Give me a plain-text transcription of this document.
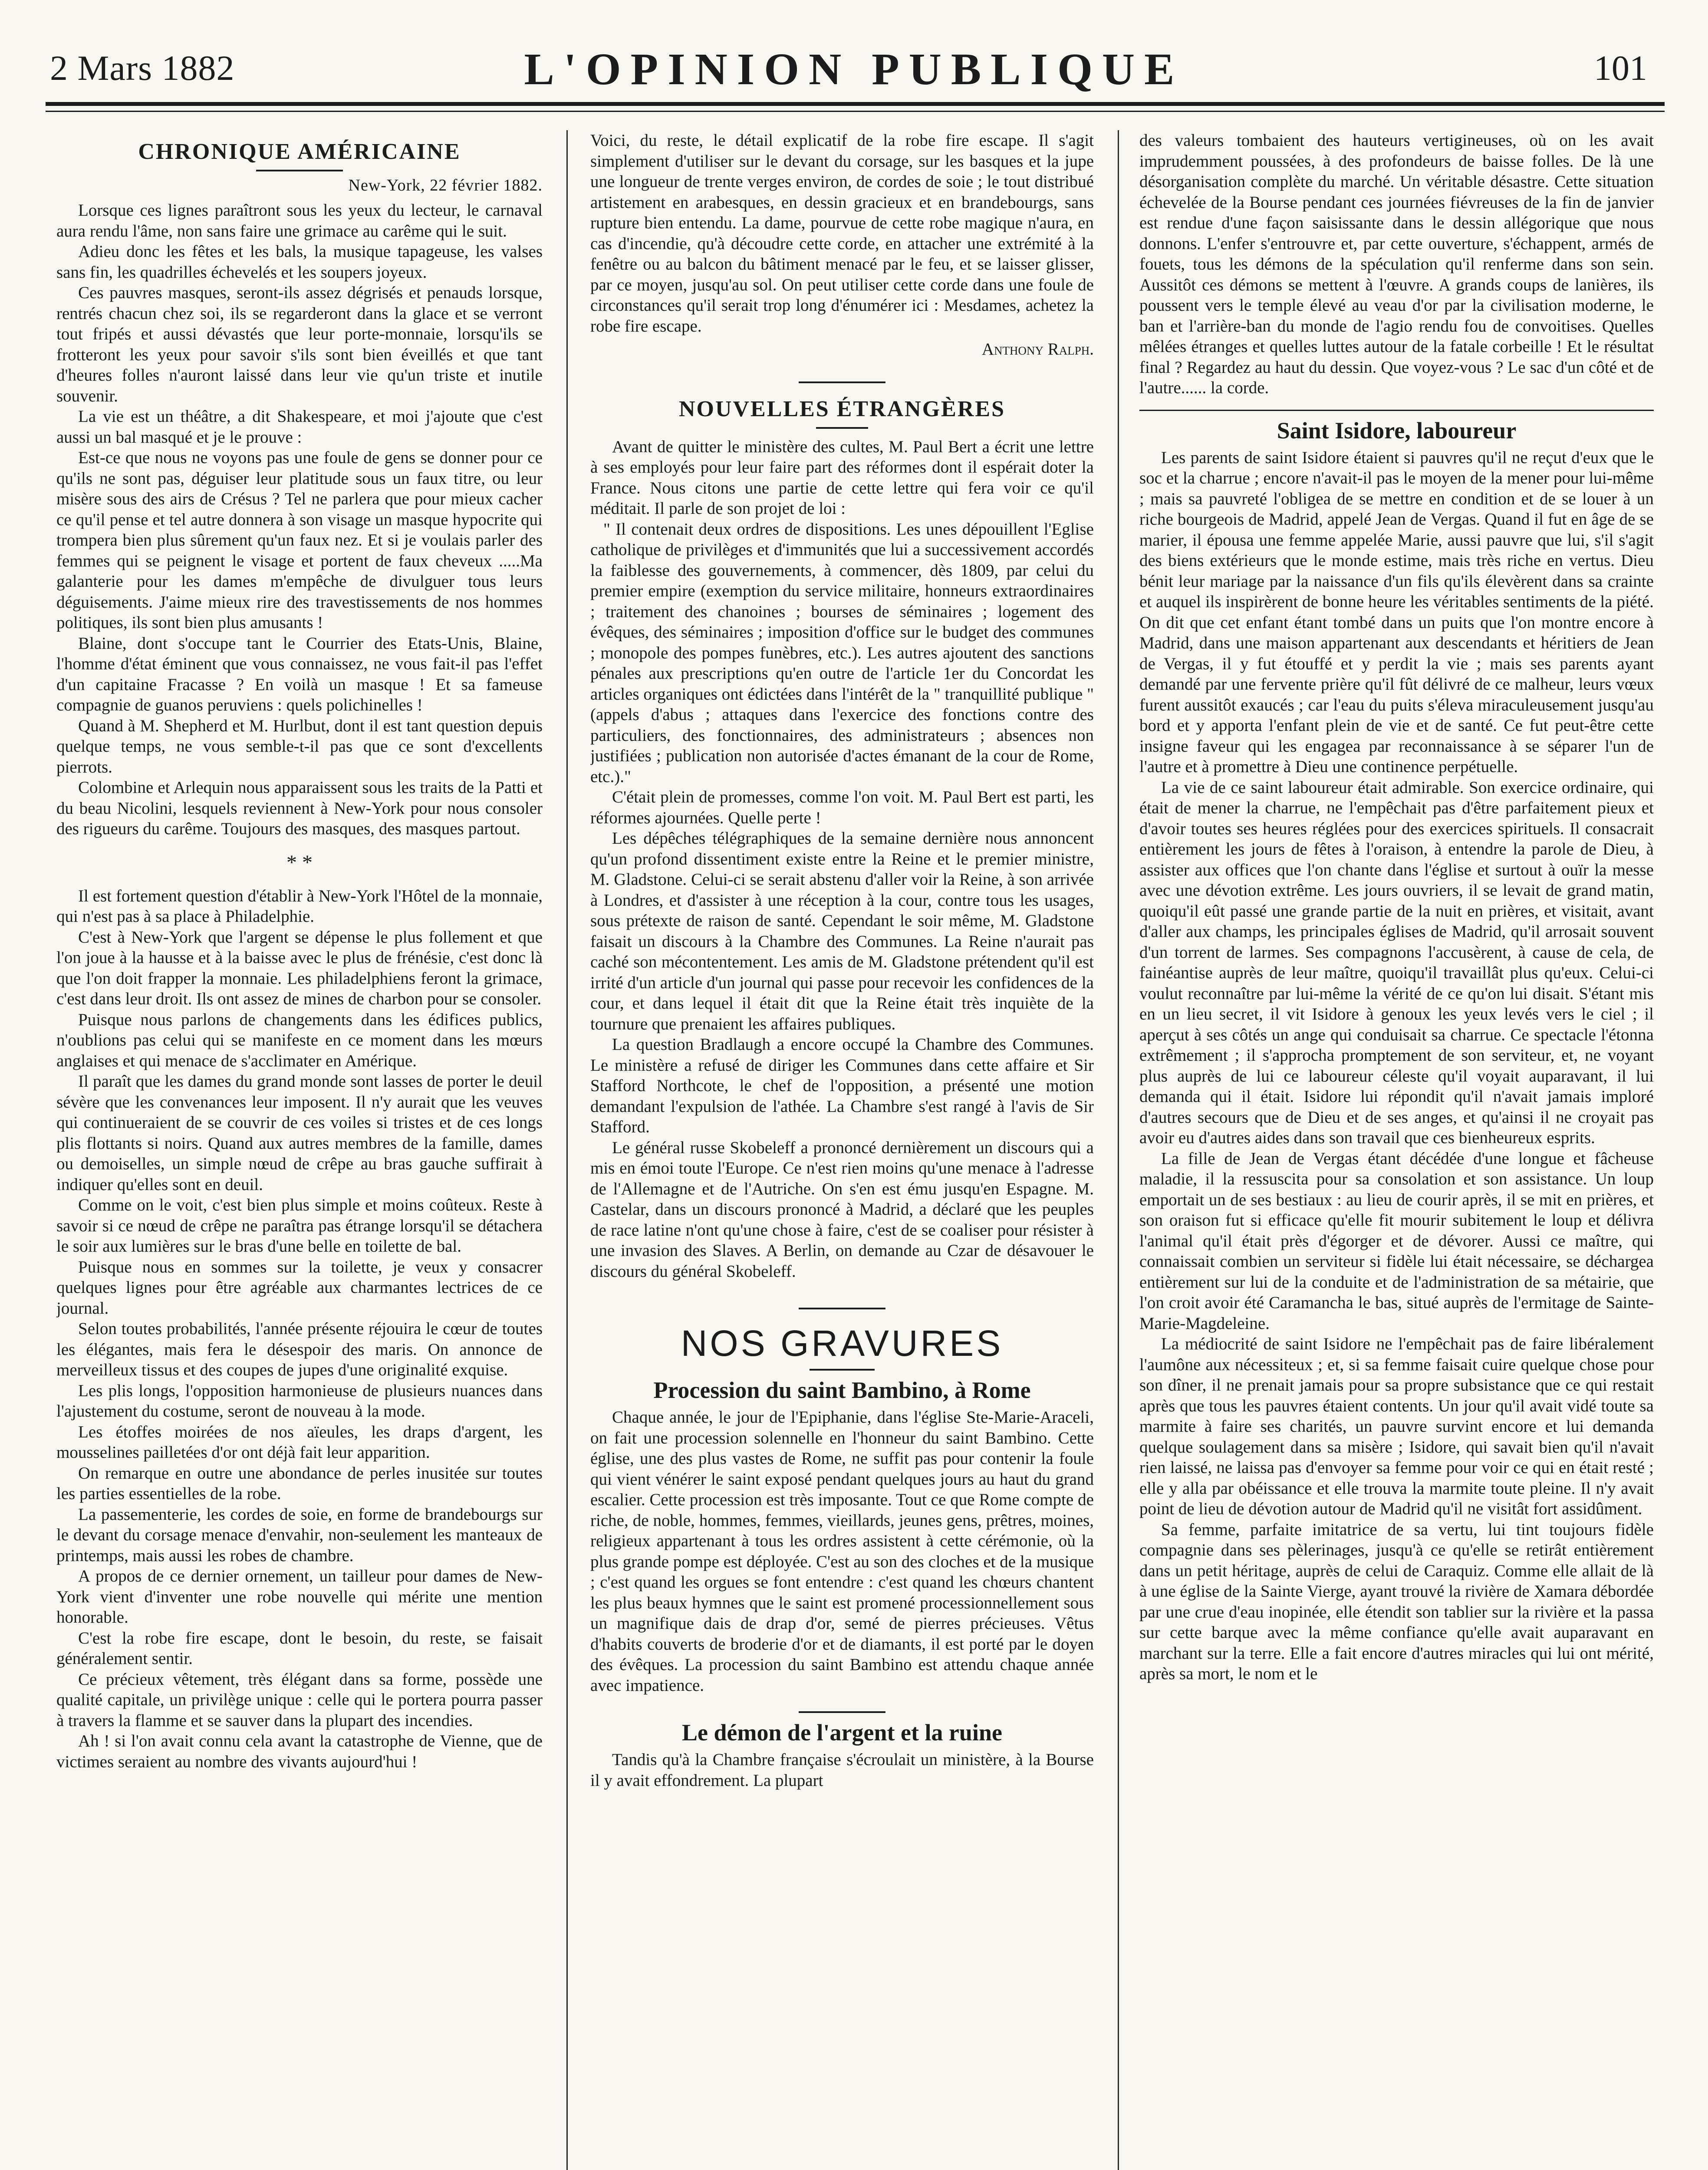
2 Mars 1882	L'OPINION PUBLIQUE	101
CHRONIQUE AMÉRICAINE
New-York, 22 février 1882.

Lorsque ces lignes paraîtront sous les yeux du lecteur, le carnaval aura rendu l'âme, non sans faire une grimace au carême qui le suit.

Adieu donc les fêtes et les bals, la musique tapageuse, les valses sans fin, les quadrilles échevelés et les soupers joyeux.

Ces pauvres masques, seront-ils assez dégrisés et penauds lorsque, rentrés chacun chez soi, ils se regarderont dans la glace et se verront tout fripés et aussi dévastés que leur porte-monnaie, lorsqu'ils se frotteront les yeux pour savoir s'ils sont bien éveillés et que tant d'heures folles n'auront laissé dans leur vie qu'un triste et inutile souvenir.

La vie est un théâtre, a dit Shakespeare, et moi j'ajoute que c'est aussi un bal masqué et je le prouve :

Est-ce que nous ne voyons pas une foule de gens se donner pour ce qu'ils ne sont pas, déguiser leur platitude sous un faux titre, ou leur misère sous des airs de Crésus ? Tel ne parlera que pour mieux cacher ce qu'il pense et tel autre donnera à son visage un masque hypocrite qui trompera bien plus sûrement qu'un faux nez. Et si je voulais parler des femmes qui se peignent le visage et portent de faux cheveux .....Ma galanterie pour les dames m'empêche de divulguer tous leurs déguisements. J'aime mieux rire des travestissements de nos hommes politiques, ils sont bien plus amusants !

Blaine, dont s'occupe tant le Courrier des Etats-Unis, Blaine, l'homme d'état éminent que vous connaissez, ne vous fait-il pas l'effet d'un capitaine Fracasse ? En voilà un masque ! Et sa fameuse compagnie de guanos peruviens : quels polichinelles !

Quand à M. Shepherd et M. Hurlbut, dont il est tant question depuis quelque temps, ne vous semble-t-il pas que ce sont d'excellents pierrots.

Colombine et Arlequin nous apparaissent sous les traits de la Patti et du beau Nicolini, lesquels reviennent à New-York pour nous consoler des rigueurs du carême. Toujours des masques, des masques partout.

* *

Il est fortement question d'établir à New-York l'Hôtel de la monnaie, qui n'est pas à sa place à Philadelphie.

C'est à New-York que l'argent se dépense le plus follement et que l'on joue à la hausse et à la baisse avec le plus de frénésie, c'est donc là que l'on doit frapper la monnaie. Les philadelphiens feront la grimace, c'est dans leur droit. Ils ont assez de mines de charbon pour se consoler.

Puisque nous parlons de changements dans les édifices publics, n'oublions pas celui qui se manifeste en ce moment dans les mœurs anglaises et qui menace de s'acclimater en Amérique.

Il paraît que les dames du grand monde sont lasses de porter le deuil sévère que les convenances leur imposent. Il n'y aurait que les veuves qui continueraient de se couvrir de ces voiles si tristes et de ces longs plis flottants si noirs. Quand aux autres membres de la famille, dames ou demoiselles, un simple nœud de crêpe au bras gauche suffirait à indiquer qu'elles sont en deuil.

Comme on le voit, c'est bien plus simple et moins coûteux. Reste à savoir si ce nœud de crêpe ne paraîtra pas étrange lorsqu'il se détachera le soir aux lumières sur le bras d'une belle en toilette de bal.

Puisque nous en sommes sur la toilette, je veux y consacrer quelques lignes pour être agréable aux charmantes lectrices de ce journal.

Selon toutes probabilités, l'année présente réjouira le cœur de toutes les élégantes, mais fera le désespoir des maris. On annonce de merveilleux tissus et des coupes de jupes d'une originalité exquise.

Les plis longs, l'opposition harmonieuse de plusieurs nuances dans l'ajustement du costume, seront de nouveau à la mode.

Les étoffes moirées de nos aïeules, les draps d'argent, les mousselines pailletées d'or ont déjà fait leur apparition.

On remarque en outre une abondance de perles inusitée sur toutes les parties essentielles de la robe.

La passementerie, les cordes de soie, en forme de brandebourgs sur le devant du corsage menace d'envahir, non-seulement les manteaux de printemps, mais aussi les robes de chambre.

A propos de ce dernier ornement, un tailleur pour dames de New-York vient d'inventer une robe nouvelle qui mérite une mention honorable.

C'est la robe fire escape, dont le besoin, du reste, se faisait généralement sentir.

Ce précieux vêtement, très élégant dans sa forme, possède une qualité capitale, un privilège unique : celle qui le portera pourra passer à travers la flamme et se sauver dans la plupart des incendies.

Ah ! si l'on avait connu cela avant la catastrophe de Vienne, que de victimes seraient au nombre des vivants aujourd'hui !

Voici, du reste, le détail explicatif de la robe fire escape. Il s'agit simplement d'utiliser sur le devant du corsage, sur les basques et la jupe une longueur de trente verges environ, de cordes de soie ; le tout distribué artistement en arabesques, en dessin gracieux et en brandebourgs, sans rupture bien entendu. La dame, pourvue de cette robe magique n'aura, en cas d'incendie, qu'à découdre cette corde, en attacher une extrémité à la fenêtre ou au balcon du bâtiment menacé par le feu, et se laisser glisser, par ce moyen, jusqu'au sol. On peut utiliser cette corde dans une foule de circonstances qu'il serait trop long d'énumérer ici : Mesdames, achetez la robe fire escape.

Anthony Ralph.

NOUVELLES ÉTRANGÈRES

Avant de quitter le ministère des cultes, M. Paul Bert a écrit une lettre à ses employés pour leur faire part des réformes dont il espérait doter la France. Nous citons une partie de cette lettre qui fera voir ce qu'il méditait. Il parle de son projet de loi :

" Il contenait deux ordres de dispositions. Les unes dépouillent l'Eglise catholique de privilèges et d'immunités que lui a successivement accordés la faiblesse des gouvernements, à commencer, dès 1809, par celui du premier empire (exemption du service militaire, honneurs extraordinaires ; traitement des chanoines ; bourses de séminaires ; logement des évêques, des séminaires ; imposition d'office sur le budget des communes ; monopole des pompes funèbres, etc.). Les autres ajoutent des sanctions pénales aux prescriptions qu'en outre de l'article 1er du Concordat les articles organiques ont édictées dans l'intérêt de la " tranquillité publique " (appels d'abus ; attaques dans l'exercice des fonctions contre des particuliers, des fonctionnaires, des administrateurs ; absences non justifiées ; publication non autorisée d'actes émanant de la cour de Rome, etc.)."

C'était plein de promesses, comme l'on voit. M. Paul Bert est parti, les réformes ajournées. Quelle perte !

Les dépêches télégraphiques de la semaine dernière nous annoncent qu'un profond dissentiment existe entre la Reine et le premier ministre, M. Gladstone. Celui-ci se serait abstenu d'aller voir la Reine, à son arrivée à Londres, et d'assister à une réception à la cour, contre tous les usages, sous prétexte de raison de santé. Cependant le soir même, M. Gladstone faisait un discours à la Chambre des Communes. La Reine n'aurait pas caché son mécontentement. Les amis de M. Gladstone prétendent qu'il est irrité d'un article d'un journal qui passe pour recevoir les confidences de la cour, et dans lequel il était dit que la Reine était très inquiète de la tournure que prenaient les affaires publiques.

La question Bradlaugh a encore occupé la Chambre des Communes. Le ministère a refusé de diriger les Communes dans cette affaire et Sir Stafford Northcote, le chef de l'opposition, a présenté une motion demandant l'expulsion de l'athée. La Chambre s'est rangé à l'avis de Sir Stafford.

Le général russe Skobeleff a prononcé dernièrement un discours qui a mis en émoi toute l'Europe. Ce n'est rien moins qu'une menace à l'adresse de l'Allemagne et de l'Autriche. On s'en est ému jusqu'en Espagne. M. Castelar, dans un discours prononcé à Madrid, a déclaré que les peuples de race latine n'ont qu'une chose à faire, c'est de se coaliser pour résister à une invasion des Slaves. A Berlin, on demande au Czar de désavouer le discours du général Skobeleff.

NOS GRAVURES
Procession du saint Bambino, à Rome

Chaque année, le jour de l'Epiphanie, dans l'église Ste-Marie-Araceli, on fait une procession solennelle en l'honneur du saint Bambino. Cette église, une des plus vastes de Rome, ne suffit pas pour contenir la foule qui vient vénérer le saint exposé pendant quelques jours au haut du grand escalier. Cette procession est très imposante. Tout ce que Rome compte de riche, de noble, hommes, femmes, vieillards, jeunes gens, prêtres, moines, religieux appartenant à tous les ordres assistent à cette cérémonie, où la plus grande pompe est déployée. C'est au son des cloches et de la musique ; c'est quand les orgues se font entendre : c'est quand les chœurs chantent les plus beaux hymnes que le saint est promené processionnellement sous un magnifique dais de drap d'or, semé de pierres précieuses. Vêtus d'habits couverts de broderie d'or et de diamants, il est porté par le doyen des évêques. La procession du saint Bambino est attendu chaque année avec impatience.

Le démon de l'argent et la ruine

Tandis qu'à la Chambre française s'écroulait un ministère, à la Bourse il y avait effondrement. La plupart

des valeurs tombaient des hauteurs vertigineuses, où on les avait imprudemment poussées, à des profondeurs de baisse folles. De là une désorganisation complète du marché. Un véritable désastre. Cette situation échevelée de la Bourse pendant ces journées fiévreuses de la fin de janvier est rendue d'une façon saisissante dans le dessin allégorique que nous donnons. L'enfer s'entrouvre et, par cette ouverture, s'échappent, armés de fouets, tous les démons de la spéculation qu'il renferme dans son sein. Aussitôt ces démons se mettent à l'œuvre. A grands coups de lanières, ils poussent vers le temple élevé au veau d'or par la civilisation moderne, le ban et l'arrière-ban du monde de l'agio rendu fou de convoitises. Quelles mêlées étranges et quelles luttes autour de la fatale corbeille ! Et le résultat final ? Regardez au haut du dessin. Que voyez-vous ? Le sac d'un côté et de l'autre...... la corde.

Saint Isidore, laboureur

Les parents de saint Isidore étaient si pauvres qu'il ne reçut d'eux que le soc et la charrue ; encore n'avait-il pas le moyen de la mener pour lui-même ; mais sa pauvreté l'obligea de se mettre en condition et de se louer à un riche bourgeois de Madrid, appelé Jean de Vergas. Quand il fut en âge de se marier, il épousa une femme appelée Marie, aussi pauvre que lui, s'il s'agit des biens extérieurs que le monde estime, mais très riche en vertus. Dieu bénit leur mariage par la naissance d'un fils qu'ils élevèrent dans sa crainte et auquel ils inspirèrent de bonne heure les véritables sentiments de la piété. On dit que cet enfant étant tombé dans un puits que l'on montre encore à Madrid, dans une maison appartenant aux descendants et héritiers de Jean de Vergas, il y fut étouffé et y perdit la vie ; mais ses parents ayant demandé par une fervente prière qu'il fût délivré de ce malheur, leurs vœux furent aussitôt exaucés ; car l'eau du puits s'éleva miraculeusement jusqu'au bord et y apporta l'enfant plein de vie et de santé. Ce fut peut-être cette insigne faveur qui les engagea par reconnaissance à se séparer l'un de l'autre et à promettre à Dieu une continence perpétuelle.

La vie de ce saint laboureur était admirable. Son exercice ordinaire, qui était de mener la charrue, ne l'empêchait pas d'être parfaitement pieux et d'avoir toutes ses heures réglées pour des exercices spirituels. Il consacrait entièrement les jours de fêtes à l'oraison, à entendre la parole de Dieu, à assister aux offices que l'on chante dans l'église et surtout à ouïr la messe avec une dévotion extrême. Les jours ouvriers, il se levait de grand matin, quoiqu'il eût passé une grande partie de la nuit en prières, et visitait, avant d'aller aux champs, les principales églises de Madrid, qu'il arrosait souvent d'un torrent de larmes. Ses compagnons l'accusèrent, à cause de cela, de fainéantise auprès de leur maître, quoiqu'il travaillât plus qu'eux. Celui-ci voulut reconnaître par lui-même la vérité de ce qu'on lui disait. S'étant mis en un lieu secret, il vit Isidore à genoux les yeux levés vers le ciel ; il aperçut à ses côtés un ange qui conduisait sa charrue. Ce spectacle l'étonna extrêmement ; il s'approcha promptement de son serviteur, et, ne voyant plus auprès de lui ce laboureur céleste qu'il voyait auparavant, il lui demanda qui il était. Isidore lui répondit qu'il n'avait jamais imploré d'autres secours que de Dieu et de ses anges, et qu'ainsi il ne croyait pas avoir eu d'autres aides dans son travail que ces bienheureux esprits.

La fille de Jean de Vergas étant décédée d'une longue et fâcheuse maladie, il la ressuscita pour sa consolation et son assistance. Un loup emportait un de ses bestiaux : au lieu de courir après, il se mit en prières, et son oraison fut si efficace qu'elle fit mourir subitement le loup et délivra l'animal qu'il était près d'égorger et de dévorer. Aussi ce maître, qui connaissait combien un serviteur si fidèle lui était nécessaire, se déchargea entièrement sur lui de la conduite et de l'administration de sa métairie, que l'on croit avoir été Caramancha le bas, situé auprès de l'ermitage de Sainte-Marie-Magdeleine.

La médiocrité de saint Isidore ne l'empêchait pas de faire libéralement l'aumône aux nécessiteux ; et, si sa femme faisait cuire quelque chose pour son dîner, il ne prenait jamais pour sa propre subsistance que ce qui restait après que tous les pauvres étaient contents. Un jour qu'il avait vidé toute sa marmite à faire ses charités, un pauvre survint encore et lui demanda quelque soulagement dans sa misère ; Isidore, qui savait bien qu'il n'avait rien laissé, ne laissa pas d'envoyer sa femme pour voir ce qui en était resté ; elle y alla par obéissance et elle trouva la marmite toute pleine. Il n'y avait point de lieu de dévotion autour de Madrid qu'il ne visitât fort assidûment.

Sa femme, parfaite imitatrice de sa vertu, lui tint toujours fidèle compagnie dans ses pèlerinages, jusqu'à ce qu'elle se retirât entièrement dans un petit héritage, auprès de celui de Caraquiz. Comme elle allait de là à une église de la Sainte Vierge, ayant trouvé la rivière de Xamara débordée par une crue d'eau inopinée, elle étendit son tablier sur la rivière et la passa sur cette barque avec la même confiance qu'elle avait auparavant en marchant sur la terre. Elle a fait encore d'autres miracles qui lui ont mérité, après sa mort, le nom et le
